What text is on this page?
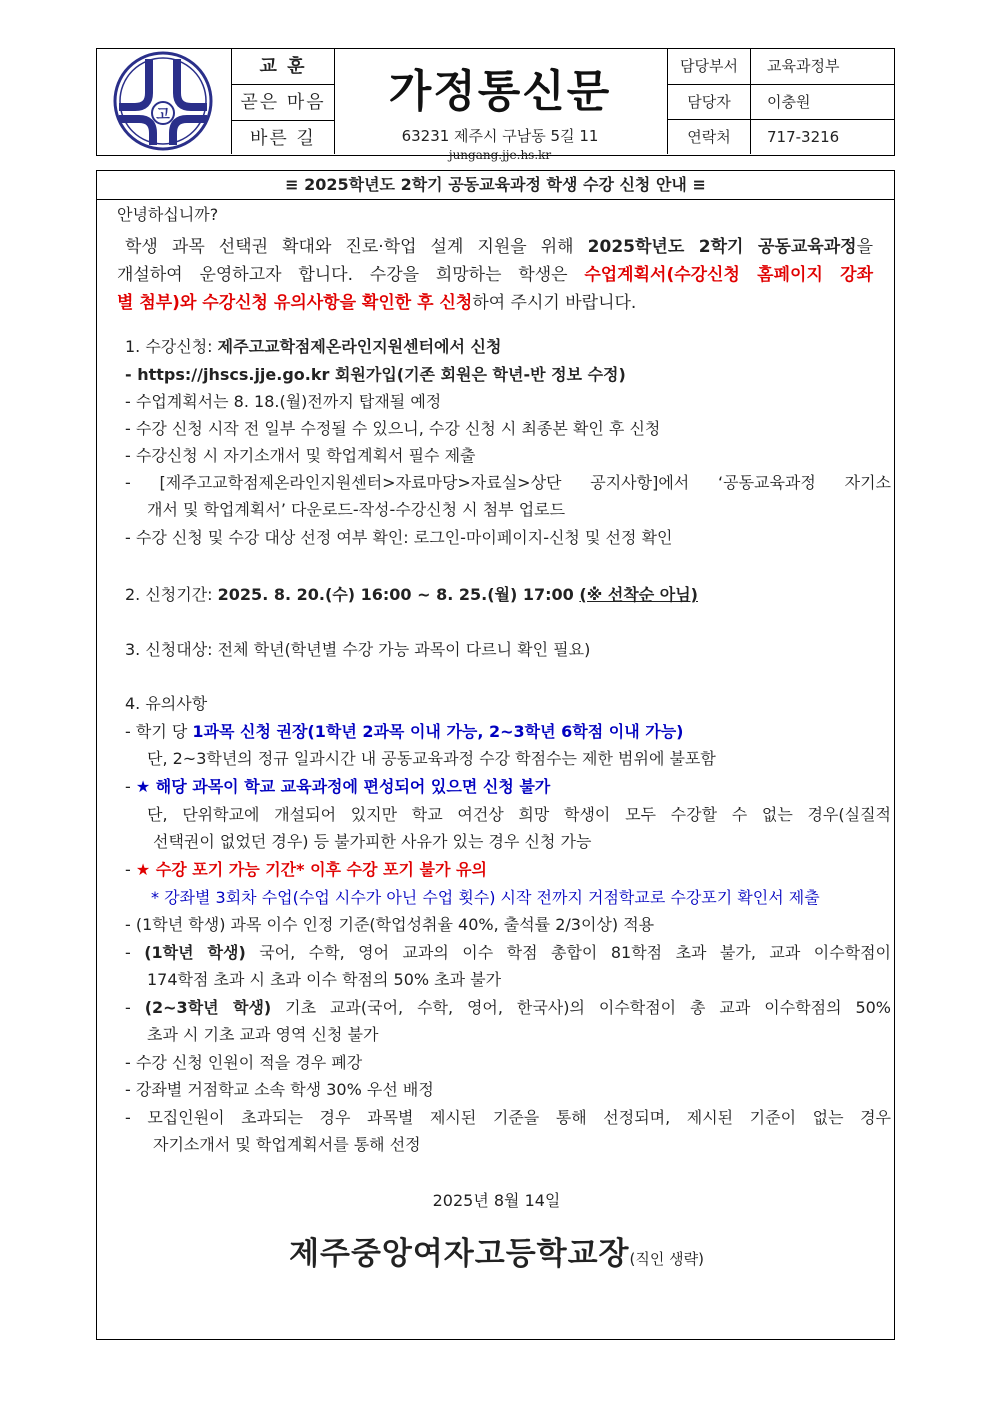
고
교 훈
곧은 마음
바른 길
가정통신문
63231 제주시 구남동 5길 11
jungang.jje.hs.kr
담당부서	교육과정부
담당자	이충원
연락처	717-3216
≡ 2025학년도 2학기 공동교육과정 학생 수강 신청 안내 ≡
안녕하십니까?
학생 과목 선택권 확대와 진로·학업 설계 지원을 위해 2025학년도 2학기 공동교육과정을
개설하여 운영하고자 합니다. 수강을 희망하는 학생은 수업계획서(수강신청 홈페이지 강좌
별 첨부)와 수강신청 유의사항을 확인한 후 신청하여 주시기 바랍니다.
1. 수강신청: 제주고교학점제온라인지원센터에서 신청
- https://jhscs.jje.go.kr 회원가입(기존 회원은 학년-반 정보 수정)
- 수업계획서는 8. 18.(월)전까지 탑재될 예정
- 수강 신청 시작 전 일부 수정될 수 있으니, 수강 신청 시 최종본 확인 후 신청
- 수강신청 시 자기소개서 및 학업계획서 필수 제출
- [제주고교학점제온라인지원센터>자료마당>자료실>상단 공지사항]에서 ‘공동교육과정 자기소
개서 및 학업계획서’ 다운로드-작성-수강신청 시 첨부 업로드
- 수강 신청 및 수강 대상 선정 여부 확인: 로그인-마이페이지-신청 및 선정 확인
2. 신청기간: 2025. 8. 20.(수) 16:00 ~ 8. 25.(월) 17:00 (※ 선착순 아님)
3. 신청대상: 전체 학년(학년별 수강 가능 과목이 다르니 확인 필요)
4. 유의사항
- 학기 당 1과목 신청 권장(1학년 2과목 이내 가능, 2~3학년 6학점 이내 가능)
단, 2~3학년의 정규 일과시간 내 공동교육과정 수강 학점수는 제한 범위에 불포함
- ★ 해당 과목이 학교 교육과정에 편성되어 있으면 신청 불가
단, 단위학교에 개설되어 있지만 학교 여건상 희망 학생이 모두 수강할 수 없는 경우(실질적
선택권이 없었던 경우) 등 불가피한 사유가 있는 경우 신청 가능
- ★ 수강 포기 가능 기간* 이후 수강 포기 불가 유의
* 강좌별 3회차 수업(수업 시수가 아닌 수업 횟수) 시작 전까지 거점학교로 수강포기 확인서 제출
- (1학년 학생) 과목 이수 인정 기준(학업성취율 40%, 출석률 2/3이상) 적용
- (1학년 학생) 국어, 수학, 영어 교과의 이수 학점 총합이 81학점 초과 불가, 교과 이수학점이
174학점 초과 시 초과 이수 학점의 50% 초과 불가
- (2~3학년 학생) 기초 교과(국어, 수학, 영어, 한국사)의 이수학점이 총 교과 이수학점의 50%
초과 시 기초 교과 영역 신청 불가
- 수강 신청 인원이 적을 경우 폐강
- 강좌별 거점학교 소속 학생 30% 우선 배정
- 모집인원이 초과되는 경우 과목별 제시된 기준을 통해 선정되며, 제시된 기준이 없는 경우
자기소개서 및 학업계획서를 통해 선정
2025년 8월 14일
제주중앙여자고등학교장(직인 생략)
